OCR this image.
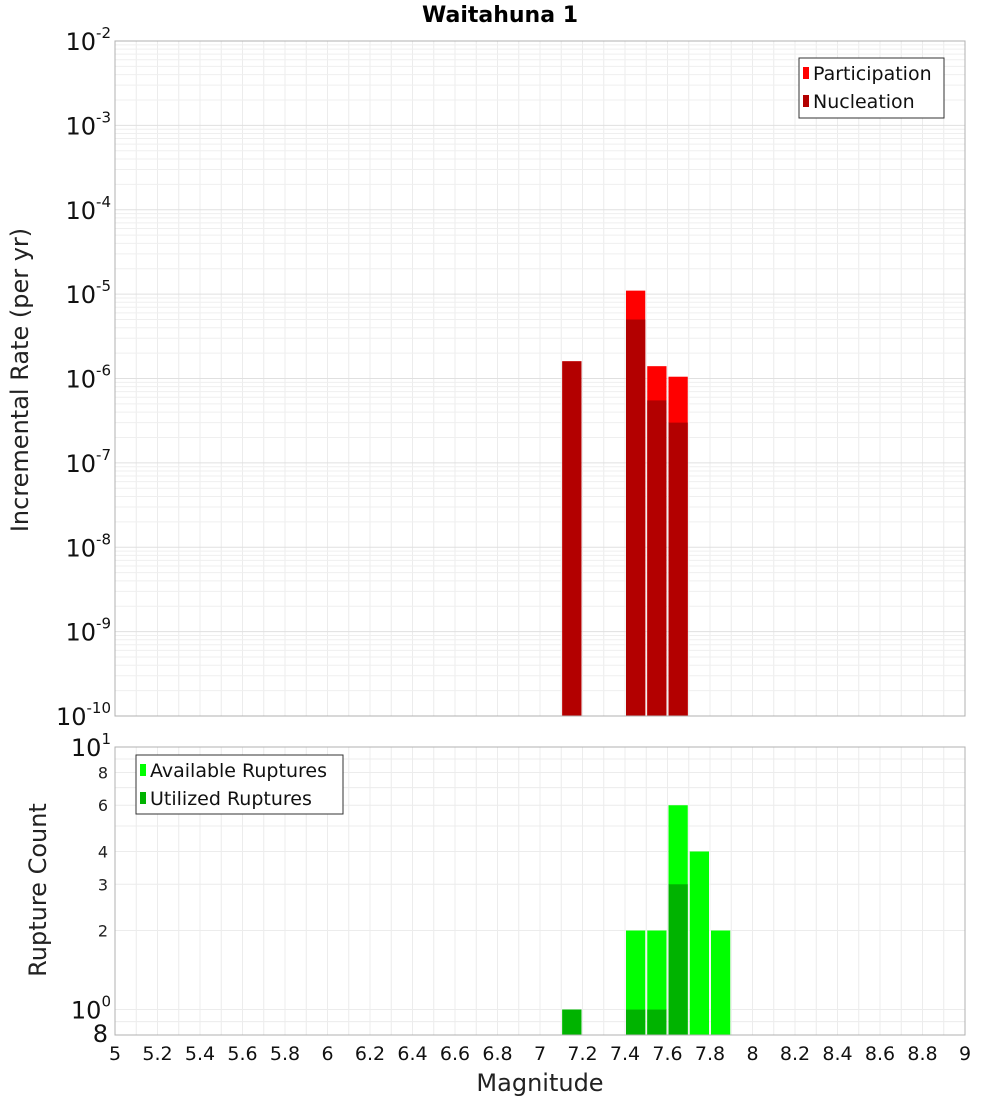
10-10
10-9
10-8
10-7
10-6
10-5
10-4
10-3
10-2
8
100
2
3
4
6
8
101
5 5.2 5.4 5.6 5.8 6 6.2 6.4 6.6 6.8 7 7.2 7.4 7.6 7.8 8 8.2 8.4 8.6 8.8 9
Waitahuna 1
Incremental Rate (per yr)
Rupture Count
Magnitude
Participation
Nucleation
Available Ruptures
Utilized Ruptures
